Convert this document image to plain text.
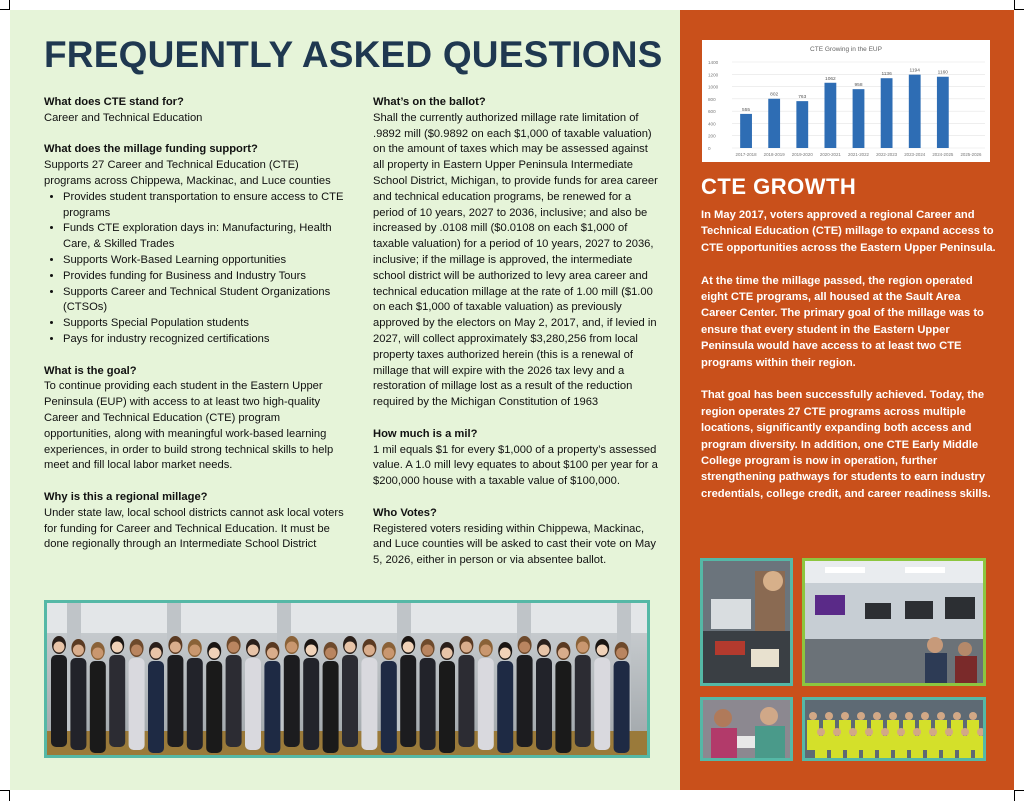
FREQUENTLY ASKED QUESTIONS

What does CTE stand for?

Career and Technical Education

What does the millage funding support?

Supports 27 Career and Technical Education (CTE) programs across Chippewa, Mackinac, and Luce counties

• Provides student transportation to ensure access to CTE programs
• Funds CTE exploration days in: Manufacturing, Health Care, & Skilled Trades
• Supports Work-Based Learning opportunities
• Provides funding for Business and Industry Tours
• Supports Career and Technical Student Organizations (CTSOs)
• Supports Special Population students
• Pays for industry recognized certifications

What is the goal?

To continue providing each student in the Eastern Upper Peninsula (EUP) with access to at least two high-quality Career and Technical Education (CTE) program opportunities, along with meaningful work-based learning experiences, in order to build strong technical skills to help meet and fill local labor market needs.

Why is this a regional millage?

Under state law, local school districts cannot ask local voters for funding for Career and Technical Education. It must be done regionally through an Intermediate School District

What’s on the ballot?

Shall the currently authorized millage rate limitation of .9892 mill ($0.9892 on each $1,000 of taxable valuation) on the amount of taxes which may be assessed against all property in Eastern Upper Peninsula Intermediate School District, Michigan, to provide funds for area career and technical education programs, be renewed for a period of 10 years, 2027 to 2036, inclusive; and also be increased by .0108 mill ($0.0108 on each $1,000 of taxable valuation) for a period of 10 years, 2027 to 2036, inclusive; if the millage is approved, the intermediate school district will be authorized to levy area career and technical education millage at the rate of 1.00 mill ($1.00 on each $1,000 of taxable valuation) as previously approved by the electors on May 2, 2017, and, if levied in 2027, will collect approximately $3,280,256 from local property taxes authorized herein (this is a renewal of millage that will expire with the 2026 tax levy and a restoration of millage lost as a result of the reduction required by the Michigan Constitution of 1963

How much is a mil?

1 mil equals $1 for every $1,000 of a property’s assessed value. A 1.0 mill levy equates to about $100 per year for a $200,000 house with a taxable value of $100,000.

Who Votes?

Registered voters residing within Chippewa, Mackinac, and Luce counties will be asked to cast their vote on May 5, 2026, either in person or via absentee ballot.

CTE Growing in the EUP
0
200
400
600
800
1000
1200
1400
2017-2018
555
2018-2019
802
2019-2020
763
2020-2021
1062
2021-2022
958
2022-2023
1136
2023-2024
1194
2024-2025
1160
2025-2026
CTE GROWTH

In May 2017, voters approved a regional Career and Technical Education (CTE) millage to expand access to CTE opportunities across the Eastern Upper Peninsula.

At the time the millage passed, the region operated eight CTE programs, all housed at the Sault Area Career Center. The primary goal of the millage was to ensure that every student in the Eastern Upper Peninsula would have access to at least two CTE programs within their region.

That goal has been successfully achieved. Today, the region operates 27 CTE programs across multiple locations, significantly expanding both access and program diversity. In addition, one CTE Early Middle College program is now in operation, further strengthening pathways for students to earn industry credentials, college credit, and career readiness skills.
